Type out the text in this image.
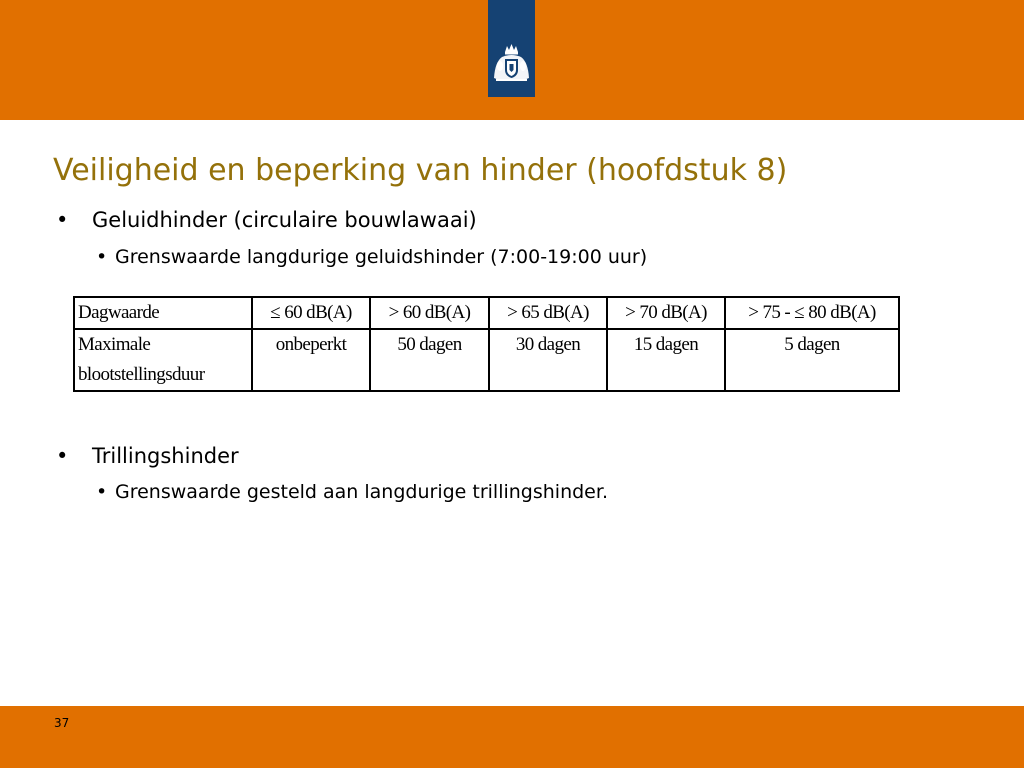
Veiligheid en beperking van hinder (hoofdstuk 8)
• Geluidhinder (circulaire bouwlawaai)
• Grenswaarde langdurige geluidshinder (7:00-19:00 uur)
Dagwaarde	≤ 60 dB(A)	> 60 dB(A)	> 65 dB(A)	> 70 dB(A)	> 75 - ≤ 80 dB(A)

Maximale
blootstellingsduur	onbeperkt	50 dagen	30 dagen	15 dagen	5 dagen
• Trillingshinder
• Grenswaarde gesteld aan langdurige trillingshinder.
37
